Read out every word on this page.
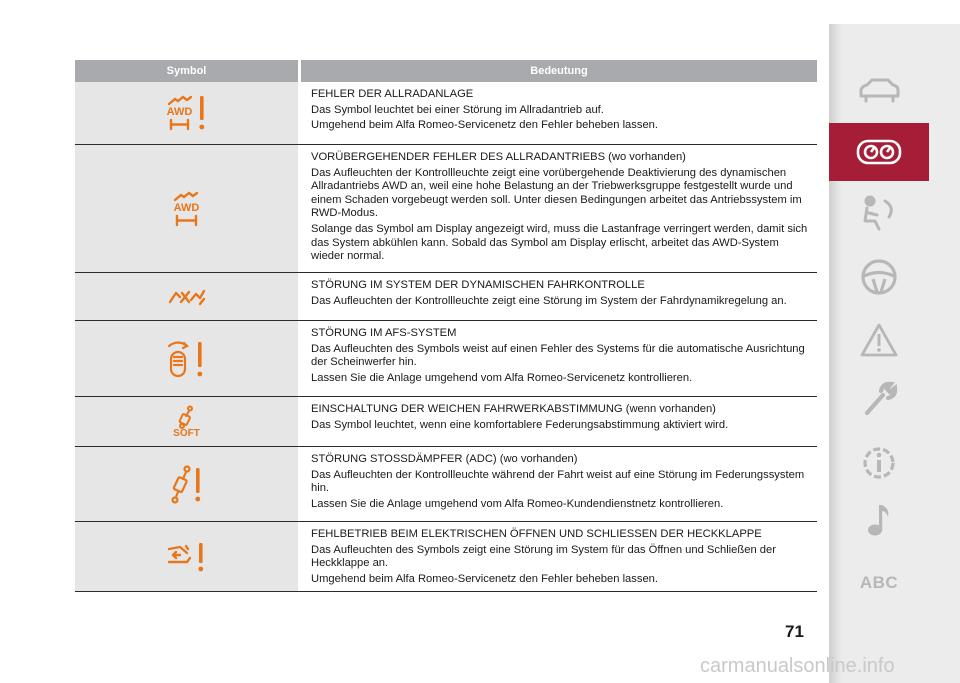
Symbol	Bedeutung
AWD

FEHLER DER ALLRADANLAGE

Das Symbol leuchtet bei einer Störung im Allradantrieb auf.

Umgehend beim Alfa Romeo-Servicenetz den Fehler beheben lassen.

AWD

VORÜBERGEHENDER FEHLER DES ALLRADANTRIEBS (wo vorhanden)

Das Aufleuchten der Kontrollleuchte zeigt eine vorübergehende Deaktivierung des dynamischen Allradantriebs AWD an, weil eine hohe Belastung an der Triebwerksgruppe festgestellt wurde und einem Schaden vorgebeugt werden soll. Unter diesen Bedingungen arbeitet das Antriebssystem im RWD-Modus.

Solange das Symbol am Display angezeigt wird, muss die Lastanfrage verringert werden, damit sich das System abkühlen kann. Sobald das Symbol am Display erlischt, arbeitet das AWD-System wieder normal.

STÖRUNG IM SYSTEM DER DYNAMISCHEN FAHRKONTROLLE

Das Aufleuchten der Kontrollleuchte zeigt eine Störung im System der Fahrdynamikregelung an.

STÖRUNG IM AFS-SYSTEM

Das Aufleuchten des Symbols weist auf einen Fehler des Systems für die automatische Ausrichtung der Scheinwerfer hin.

Lassen Sie die Anlage umgehend vom Alfa Romeo-Servicenetz kontrollieren.

SOFT

EINSCHALTUNG DER WEICHEN FAHRWERKABSTIMMUNG (wenn vorhanden)

Das Symbol leuchtet, wenn eine komfortablere Federungsabstimmung aktiviert wird.

STÖRUNG STOSSDÄMPFER (ADC) (wo vorhanden)

Das Aufleuchten der Kontrollleuchte während der Fahrt weist auf eine Störung im Federungssystem hin.

Lassen Sie die Anlage umgehend vom Alfa Romeo-Kundendienstnetz kontrollieren.

FEHLBETRIEB BEIM ELEKTRISCHEN ÖFFNEN UND SCHLIESSEN DER HECKKLAPPE

Das Aufleuchten des Symbols zeigt eine Störung im System für das Öffnen und Schließen der Heckklappe an.

Umgehend beim Alfa Romeo-Servicenetz den Fehler beheben lassen.	ABC
71
carmanualsonline.info
